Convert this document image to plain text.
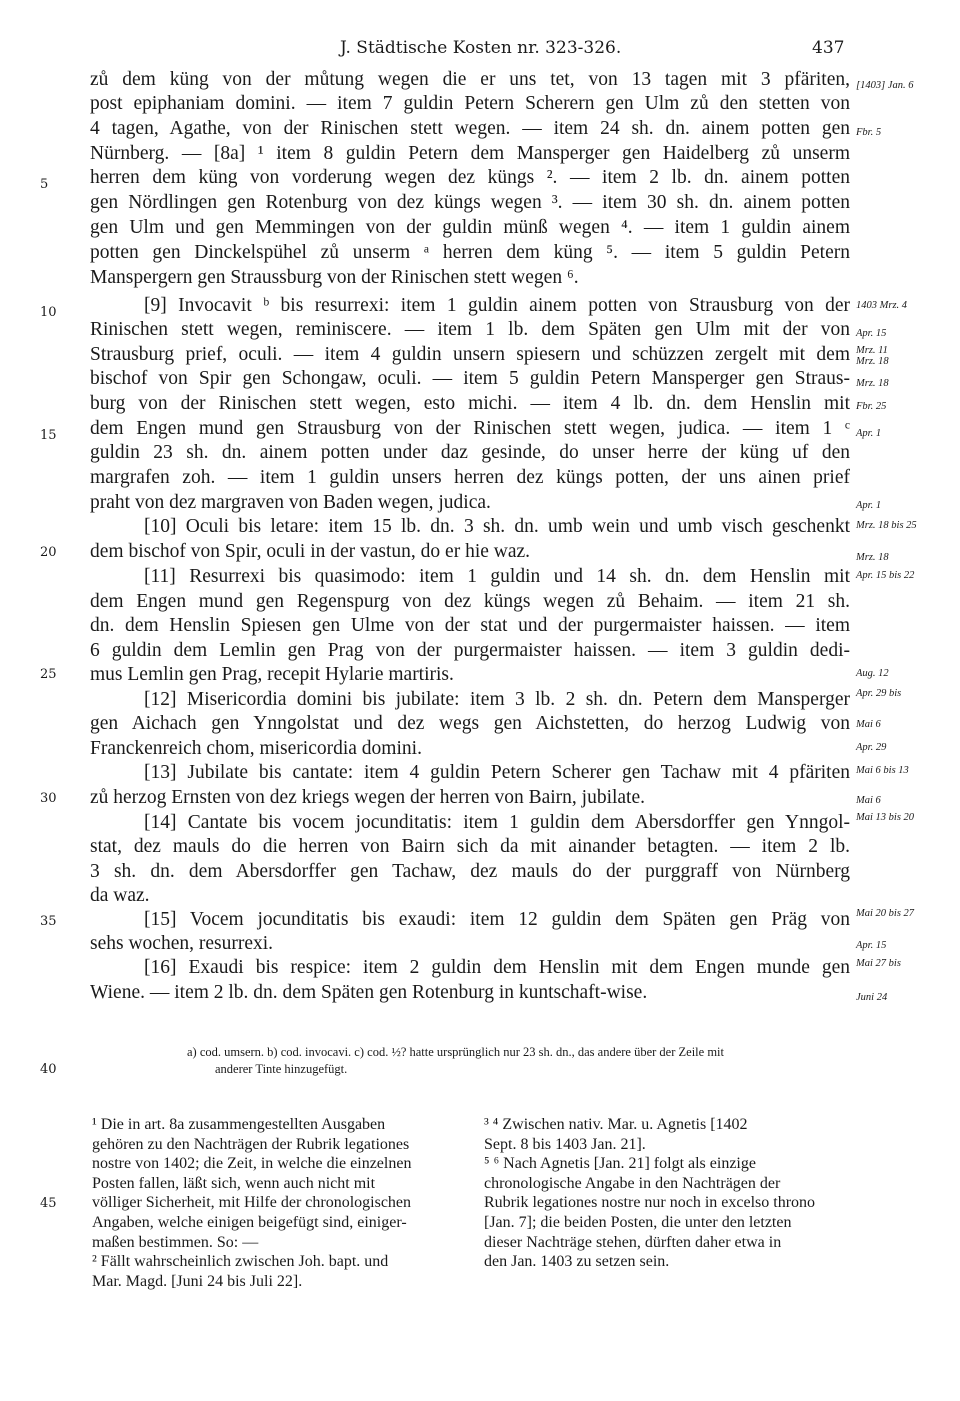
J. Städtische Kosten nr. 323-326.	437
zů dem küng von der můtung wegen die er uns tet, von 13 tagen mit 3 pfäriten,
post epiphaniam domini. — item 7 guldin Petern Scherern gen Ulm zů den stetten von
4 tagen, Agathe, von der Rinischen stett wegen. — item 24 sh. dn. ainem potten gen
Nürnberg. — [8a] ¹ item 8 guldin Petern dem Mansperger gen Haidelberg zů unserm
herren dem küng von vorderung wegen dez küngs ². — item 2 lb. dn. ainem potten
gen Nördlingen gen Rotenburg von dez küngs wegen ³. — item 30 sh. dn. ainem potten
gen Ulm und gen Memmingen von der guldin münß wegen ⁴. — item 1 guldin ainem
potten gen Dinckelspühel zů unserm ᵃ herren dem küng ⁵. — item 5 guldin Petern
Manspergern gen Straussburg von der Rinischen stett wegen ⁶.
[9] Invocavit ᵇ bis resurrexi: item 1 guldin ainem potten von Strausburg von der
Rinischen stett wegen, reminiscere. — item 1 lb. dem Späten gen Ulm mit der von
Strausburg prief, oculi. — item 4 guldin unsern spiesern und schüzzen zergelt mit dem
bischof von Spir gen Schongaw, oculi. — item 5 guldin Petern Mansperger gen Straus-
burg von der Rinischen stett wegen, esto michi. — item 4 lb. dn. dem Henslin mit
dem Engen mund gen Strausburg von der Rinischen stett wegen, judica. — item 1 ᶜ
guldin 23 sh. dn. ainem potten under daz gesinde, do unser herre der küng uf den
margrafen zoh. — item 1 guldin unsers herren dez küngs potten, der uns ainen prief
praht von dez margraven von Baden wegen, judica.
[10] Oculi bis letare: item 15 lb. dn. 3 sh. dn. umb wein und umb visch geschenkt
dem bischof von Spir, oculi in der vastun, do er hie waz.
[11] Resurrexi bis quasimodo: item 1 guldin und 14 sh. dn. dem Henslin mit
dem Engen mund gen Regenspurg von dez küngs wegen zů Behaim. — item 21 sh.
dn. dem Henslin Spiesen gen Ulme von der stat und der purgermaister haissen. — item
6 guldin dem Lemlin gen Prag von der purgermaister haissen. — item 3 guldin dedi-
mus Lemlin gen Prag, recepit Hylarie martiris.
[12] Misericordia domini bis jubilate: item 3 lb. 2 sh. dn. Petern dem Mansperger
gen Aichach gen Ynngolstat und dez wegs gen Aichstetten, do herzog Ludwig von
Franckenreich chom, misericordia domini.
[13] Jubilate bis cantate: item 4 guldin Petern Scherer gen Tachaw mit 4 pfäriten
zů herzog Ernsten von dez kriegs wegen der herren von Bairn, jubilate.
[14] Cantate bis vocem jocunditatis: item 1 guldin dem Abersdorffer gen Ynngol-
stat, dez mauls do die herren von Bairn sich da mit ainander betagten. — item 2 lb.
3 sh. dn. dem Abersdorffer gen Tachaw, dez mauls do der purggraff von Nürnberg
da waz.
[15] Vocem jocunditatis bis exaudi: item 12 guldin dem Späten gen Präg von
sehs wochen, resurrexi.
[16] Exaudi bis respice: item 2 guldin dem Henslin mit dem Engen munde gen
Wiene. — item 2 lb. dn. dem Späten gen Rotenburg in kuntschaft-wise.
5
10
15
20
25
30
35
40
45
[1403] Jan. 6
Fbr. 5
1403 Mrz. 4
Apr. 15
Mrz. 11
Mrz. 18
Mrz. 18
Fbr. 25
Apr. 1
Apr. 1
Mrz. 18 bis 25
Mrz. 18
Apr. 15 bis 22
Aug. 12
Apr. 29 bis
Mai 6
Apr. 29
Mai 6 bis 13
Mai 6
Mai 13 bis 20
Mai 20 bis 27
Apr. 15
Mai 27 bis
Juni 24
a) cod. umsern. b) cod. invocavi. c) cod. ½? hatte ursprünglich nur 23 sh. dn., das andere über der Zeile mit
anderer Tinte hinzugefügt.
¹ Die in art. 8a zusammengestellten Ausgaben
gehören zu den Nachträgen der Rubrik legationes
nostre von 1402; die Zeit, in welche die einzelnen
Posten fallen, läßt sich, wenn auch nicht mit
völliger Sicherheit, mit Hilfe der chronologischen
Angaben, welche einigen beigefügt sind, einiger-
maßen bestimmen. So: —
² Fällt wahrscheinlich zwischen Joh. bapt. und
Mar. Magd. [Juni 24 bis Juli 22].
³ ⁴ Zwischen nativ. Mar. u. Agnetis [1402
Sept. 8 bis 1403 Jan. 21].
⁵ ⁶ Nach Agnetis [Jan. 21] folgt als einzige
chronologische Angabe in den Nachträgen der
Rubrik legationes nostre nur noch in excelso throno
[Jan. 7]; die beiden Posten, die unter den letzten
dieser Nachträge stehen, dürften daher etwa in
den Jan. 1403 zu setzen sein.
